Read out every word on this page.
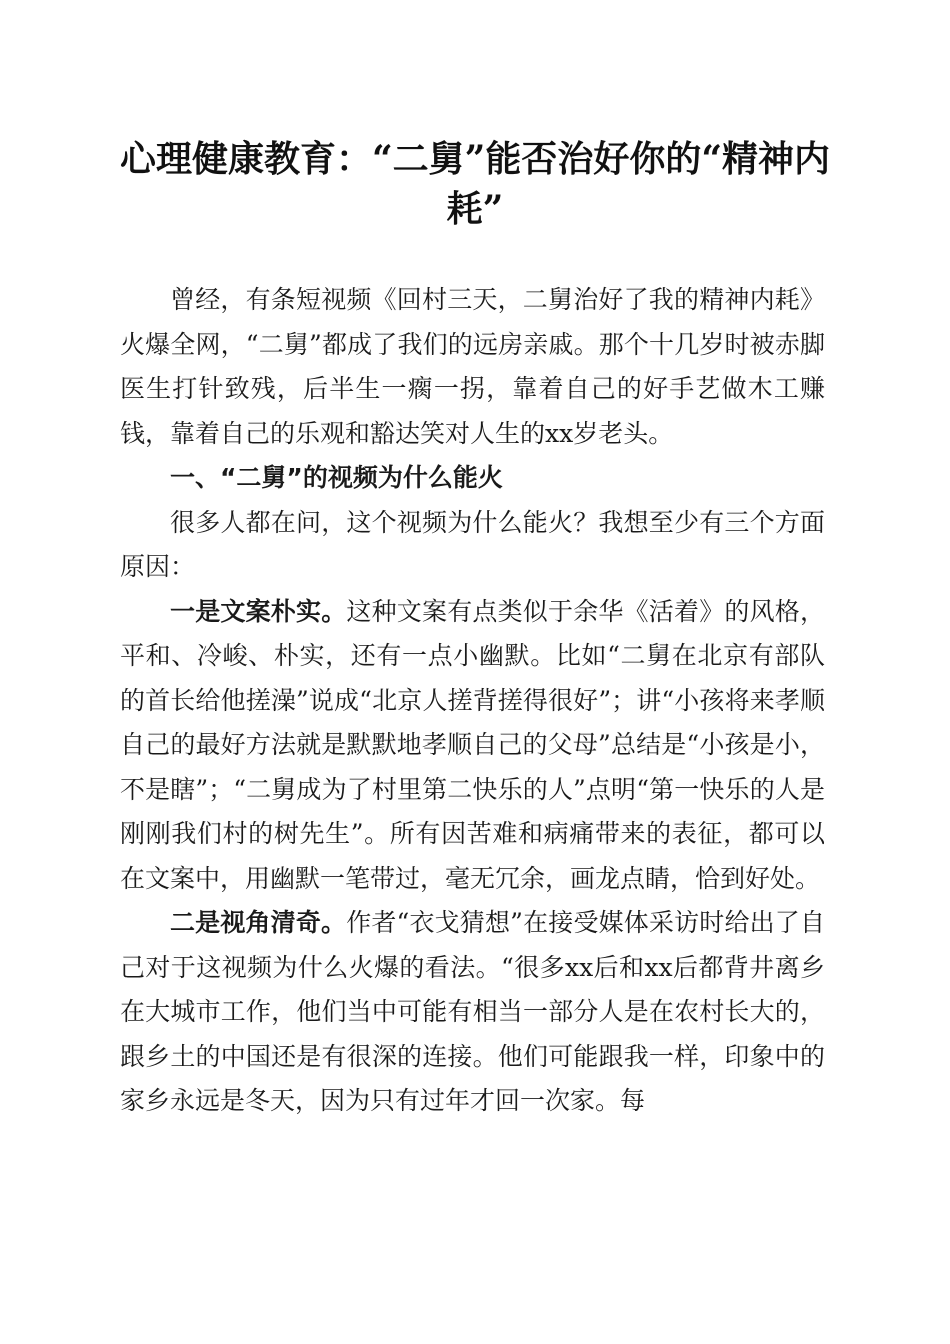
心理健康教育：“二舅”能否治好你的“精神内耗”

曾经，有条短视频《回村三天，二舅治好了我的精神内耗》火爆全网，“二舅”都成了我们的远房亲戚。那个十几岁时被赤脚医生打针致残，后半生一瘸一拐，靠着自己的好手艺做木工赚钱，靠着自己的乐观和豁达笑对人生的xx岁老头。

一、“二舅”的视频为什么能火

很多人都在问，这个视频为什么能火？我想至少有三个方面原因：

一是文案朴实。这种文案有点类似于余华《活着》的风格，平和、冷峻、朴实，还有一点小幽默。比如“二舅在北京有部队的首长给他搓澡”说成“北京人搓背搓得很好”；讲“小孩将来孝顺自己的最好方法就是默默地孝顺自己的父母”总结是“小孩是小，不是瞎”；“二舅成为了村里第二快乐的人”点明“第一快乐的人是刚刚我们村的树先生”。所有因苦难和病痛带来的表征，都可以在文案中，用幽默一笔带过，毫无冗余，画龙点睛，恰到好处。

二是视角清奇。作者“衣戈猜想”在接受媒体采访时给出了自己对于这视频为什么火爆的看法。“很多xx后和xx后都背井离乡在大城市工作，他们当中可能有相当一部分人是在农村长大的，跟乡土的中国还是有很深的连接。他们可能跟我一样，印象中的家乡永远是冬天，因为只有过年才回一次家。每
